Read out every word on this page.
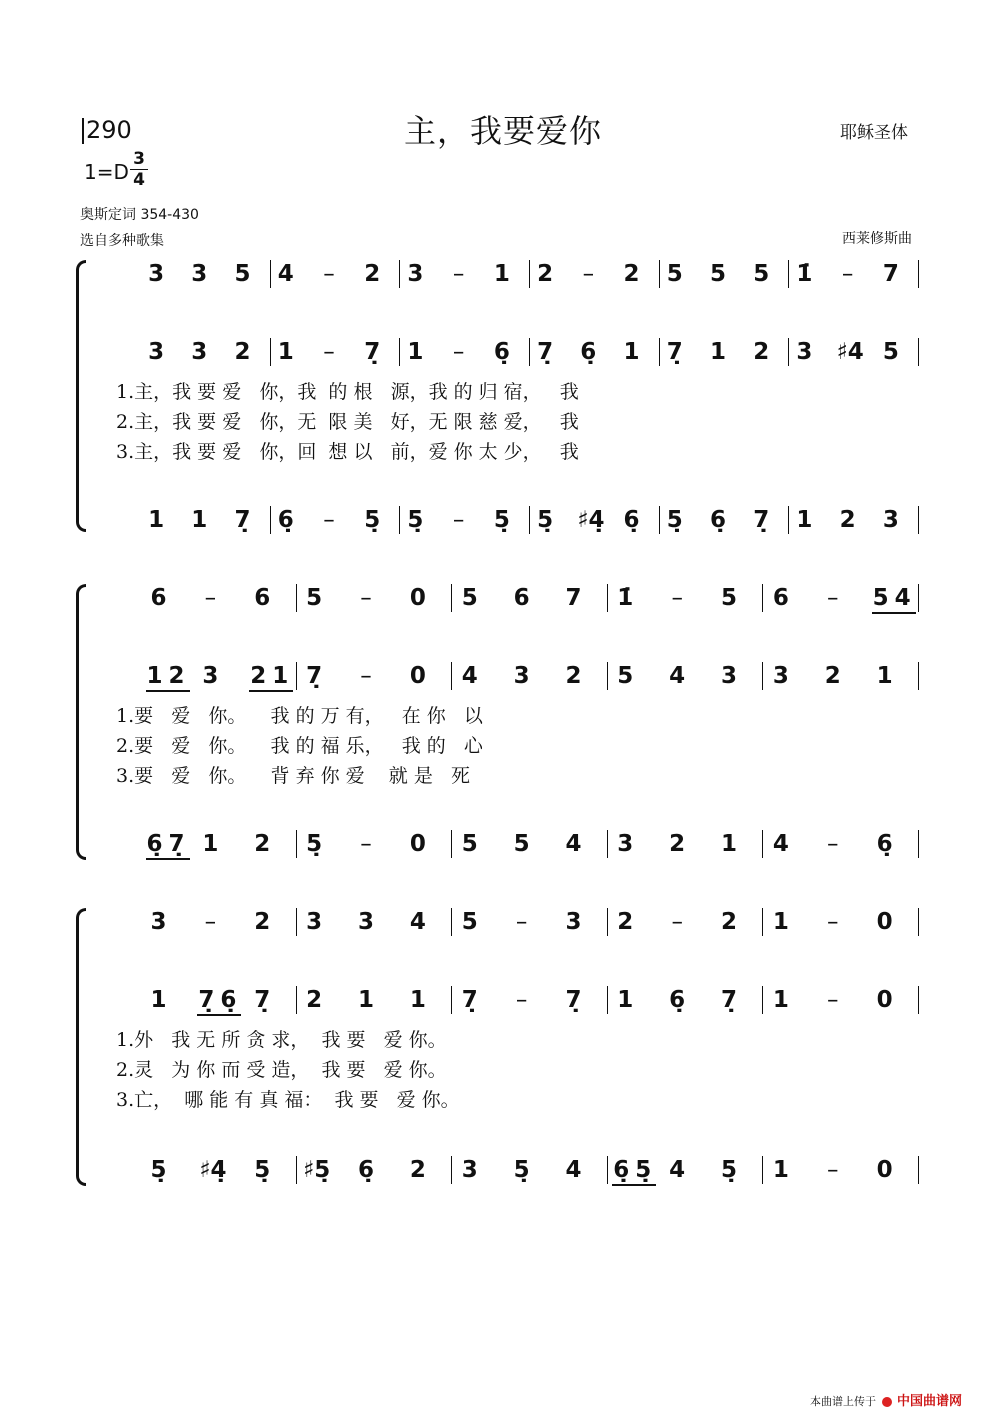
290	主，我要爱你	耶稣圣体
1=D
3
4
奥斯定词 354-430
选自多种歌集	西莱修斯曲
3 3 5 4 – 2 3 – 1 2 – 2 5 5 5 1̇ – 7
3 3 2 1 – 7̣ 1 – 6̣ 7̣ 6̣ 1 7̣ 1 2 3 ♯4 5
1.主，我 要 爱   你，我  的 根   源，我 的 归 宿，   我
2.主，我 要 爱   你，无  限 美   好，无 限 慈 爱，   我
3.主，我 要 爱   你，回  想 以   前，爱 你 太 少，   我
1 1 7̣ 6̣ – 5̣ 5̣ – 5̣ 5̣ ♯4̣ 6̣ 5̣ 6̣ 7̣ 1 2 3
6 – 6 5 – 0 5 6 7 1̇ – 5 6 – 5 4
1 2 3 2 1 7̣ – 0 4 3 2 5 4 3 3 2 1
1.要   爱   你。    我 的 万 有，   在 你   以
2.要   爱   你。    我 的 福 乐，   我 的   心
3.要   爱   你。    背 弃 你 爱    就 是   死
6̣ 7̣ 1 2 5̣ – 0 5 5 4 3 2 1 4 – 6̣
3 – 2 3 3 4 5 – 3 2 – 2 1 – 0
1 7̣ 6̣ 7̣ 2 1 1 7̣ – 7̣ 1 6̣ 7̣ 1 – 0
1.外   我 无 所 贪 求，  我 要   爱 你。
2.灵   为 你 而 受 造，  我 要   爱 你。
3.亡，  哪 能 有 真 福：  我 要   爱 你。
5̣ ♯4̣ 5̣ ♯5̣ 6̣ 2 3 5̣ 4 6̣ 5̣ 4 5̣ 1 – 0
本曲谱上传于 中国曲谱网
